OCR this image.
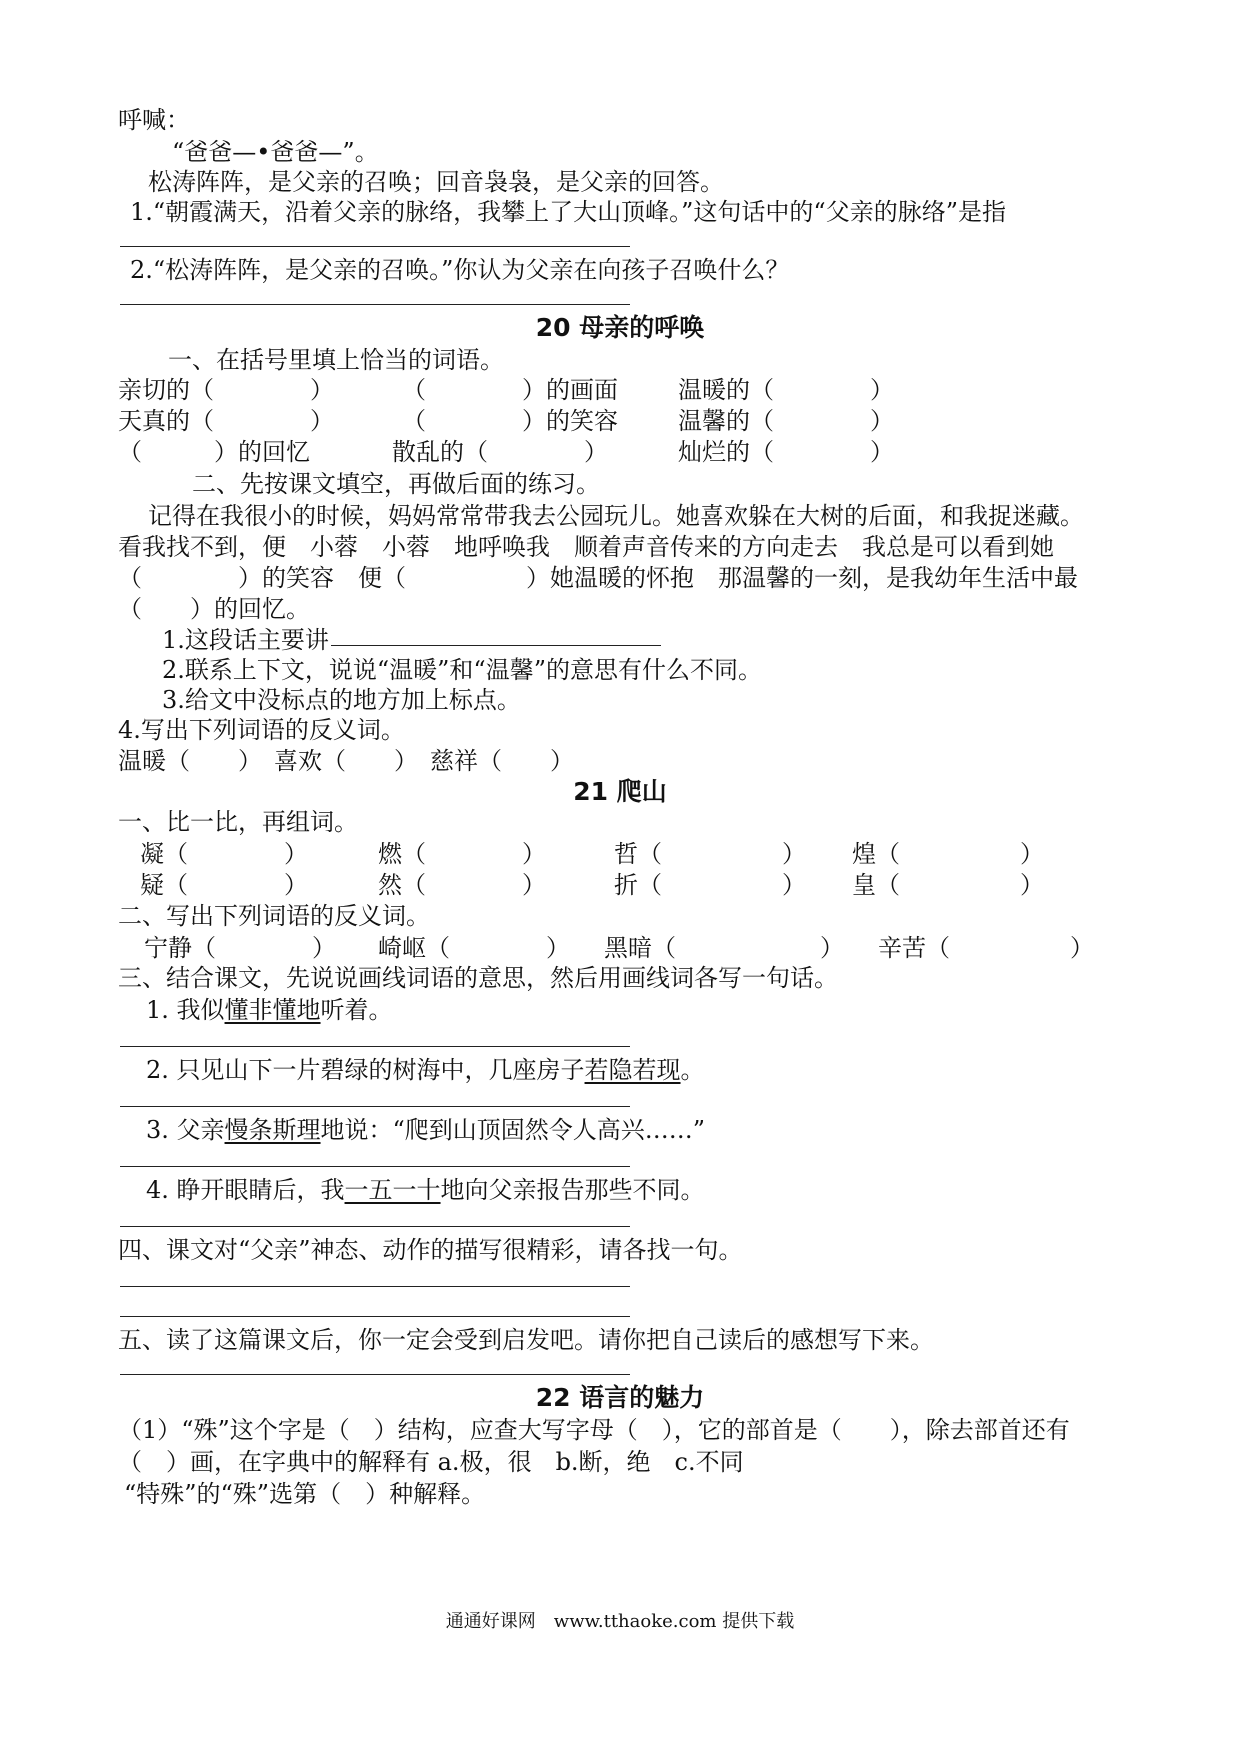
呼喊：
“爸爸—•爸爸—”。
松涛阵阵，是父亲的召唤；回音袅袅，是父亲的回答。
1.“朝霞满天，沿着父亲的脉络，我攀上了大山顶峰。”这句话中的“父亲的脉络”是指
2.“松涛阵阵，是父亲的召唤。”你认为父亲在向孩子召唤什么？
20 母亲的呼唤
一、在括号里填上恰当的词语。
亲切的（　　　　）	（　　　　）的画面	温暖的（　　　　）
天真的（　　　　）	（　　　　）的笑容	温馨的（　　　　）
（　　　）的回忆	散乱的（　　　　）	灿烂的（　　　　）
二、先按课文填空，再做后面的练习。
记得在我很小的时候，妈妈常常带我去公园玩儿。她喜欢躲在大树的后面，和我捉迷藏。
看我找不到，便　小蓉　小蓉　地呼唤我　顺着声音传来的方向走去　我总是可以看到她
（　　　　）的笑容　便（　　　　　）她温暖的怀抱　那温馨的一刻，是我幼年生活中最
（　　）的回忆。
1.这段话主要讲
2.联系上下文，说说“温暖”和“温馨”的意思有什么不同。
3.给文中没标点的地方加上标点。
4.写出下列词语的反义词。
温暖（　　）　喜欢（　　）　慈祥（　　）
21 爬山
一、比一比，再组词。
凝（　　　　）	燃（　　　　）	哲（　　　　　） 煌（　　　　　）
疑（　　　　）	然（　　　　）	折（　　　　　） 皇（　　　　　）
二、写出下列词语的反义词。
宁静（　　　　） 崎岖（　　　　） 黑暗（　　　　　　） 辛苦（　　　　　）
三、结合课文，先说说画线词语的意思，然后用画线词各写一句话。
1. 我似懂非懂地听着。
2. 只见山下一片碧绿的树海中，几座房子若隐若现。
3. 父亲慢条斯理地说：“爬到山顶固然令人高兴……”
4. 睁开眼睛后，我一五一十地向父亲报告那些不同。
四、课文对“父亲”神态、动作的描写很精彩，请各找一句。
五、读了这篇课文后，你一定会受到启发吧。请你把自己读后的感想写下来。
22 语言的魅力
（1）“殊”这个字是（　）结构，应查大写字母（　），它的部首是（　　），除去部首还有
（　）画，在字典中的解释有 a.极，很　b.断，绝　c.不同
“特殊”的“殊”选第（　）种解释。
通通好课网　www.tthaoke.com 提供下载
